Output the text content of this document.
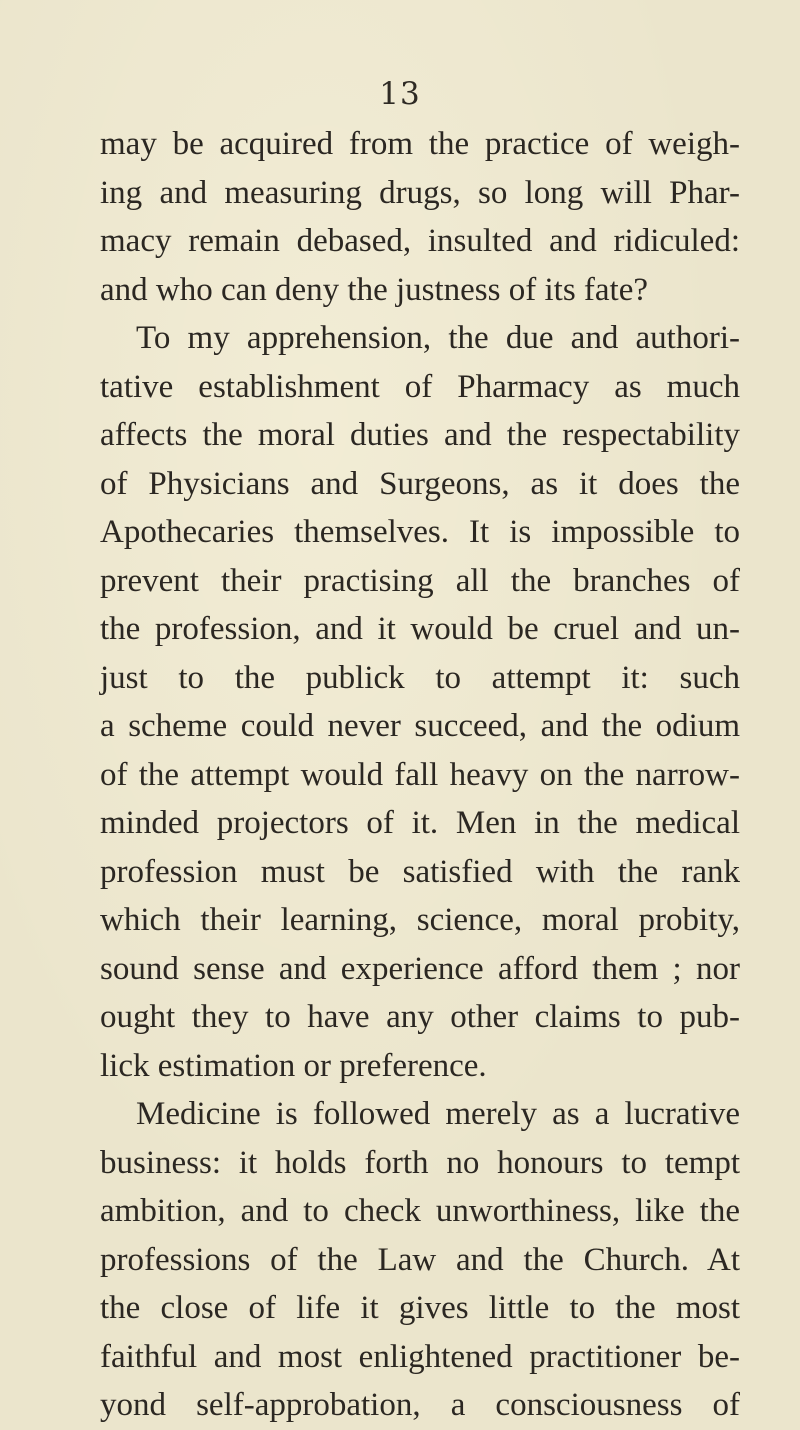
13
may be acquired from the practice of weigh-
ing and measuring drugs, so long will Phar-
macy remain debased, insulted and ridiculed:
and who can deny the justness of its fate?
To my apprehension, the due and authori-
tative establishment of Pharmacy as much
affects the moral duties and the respectability
of Physicians and Surgeons, as it does the
Apothecaries themselves. It is impossible to
prevent their practising all the branches of
the profession, and it would be cruel and un-
just to the publick to attempt it: such
a scheme could never succeed, and the odium
of the attempt would fall heavy on the narrow-
minded projectors of it. Men in the medical
profession must be satisfied with the rank
which their learning, science, moral probity,
sound sense and experience afford them ; nor
ought they to have any other claims to pub-
lick estimation or preference.
Medicine is followed merely as a lucrative
business: it holds forth no honours to tempt
ambition, and to check unworthiness, like the
professions of the Law and the Church. At
the close of life it gives little to the most
faithful and most enlightened practitioner be-
yond self-approbation, a consciousness of
